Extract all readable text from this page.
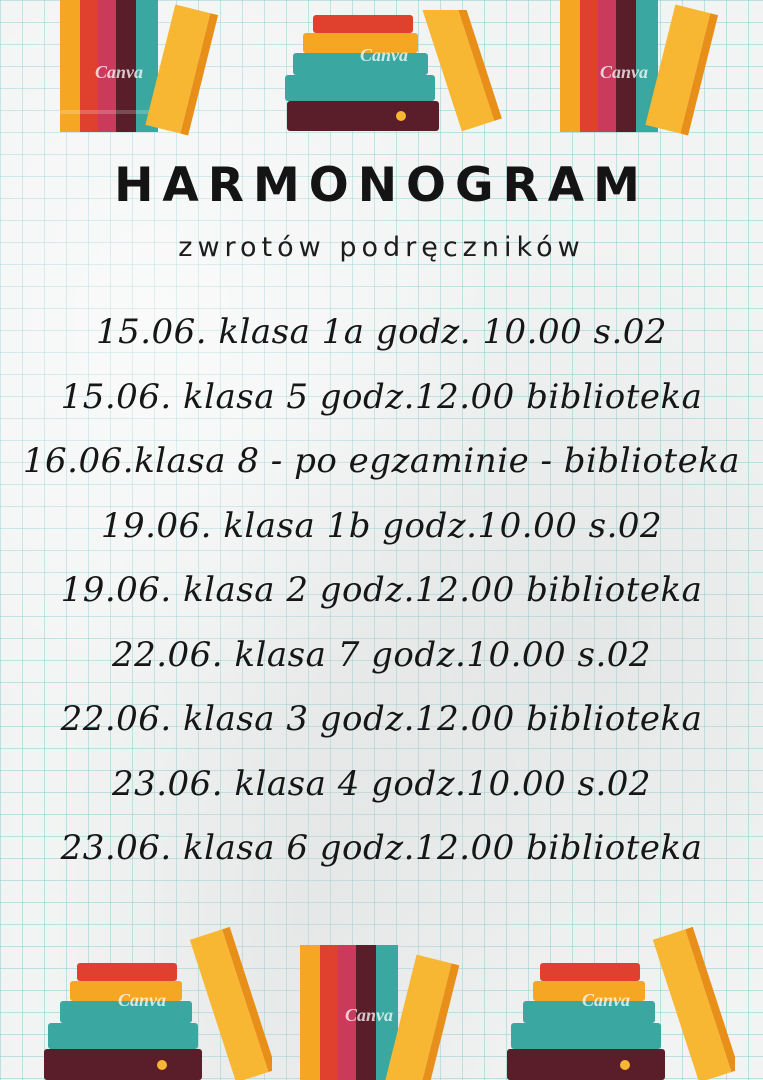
Canva
Canva
Canva
HARMONOGRAM
zwrotów podręczników
15.06. klasa 1a godz. 10.00 s.02
15.06. klasa 5 godz.12.00 biblioteka
16.06.klasa 8 - po egzaminie - biblioteka
19.06. klasa 1b godz.10.00 s.02
19.06. klasa 2 godz.12.00 biblioteka
22.06. klasa 7 godz.10.00 s.02
22.06. klasa 3 godz.12.00 biblioteka
23.06. klasa 4 godz.10.00 s.02
23.06. klasa 6 godz.12.00 biblioteka
Canva
Canva
Canva
